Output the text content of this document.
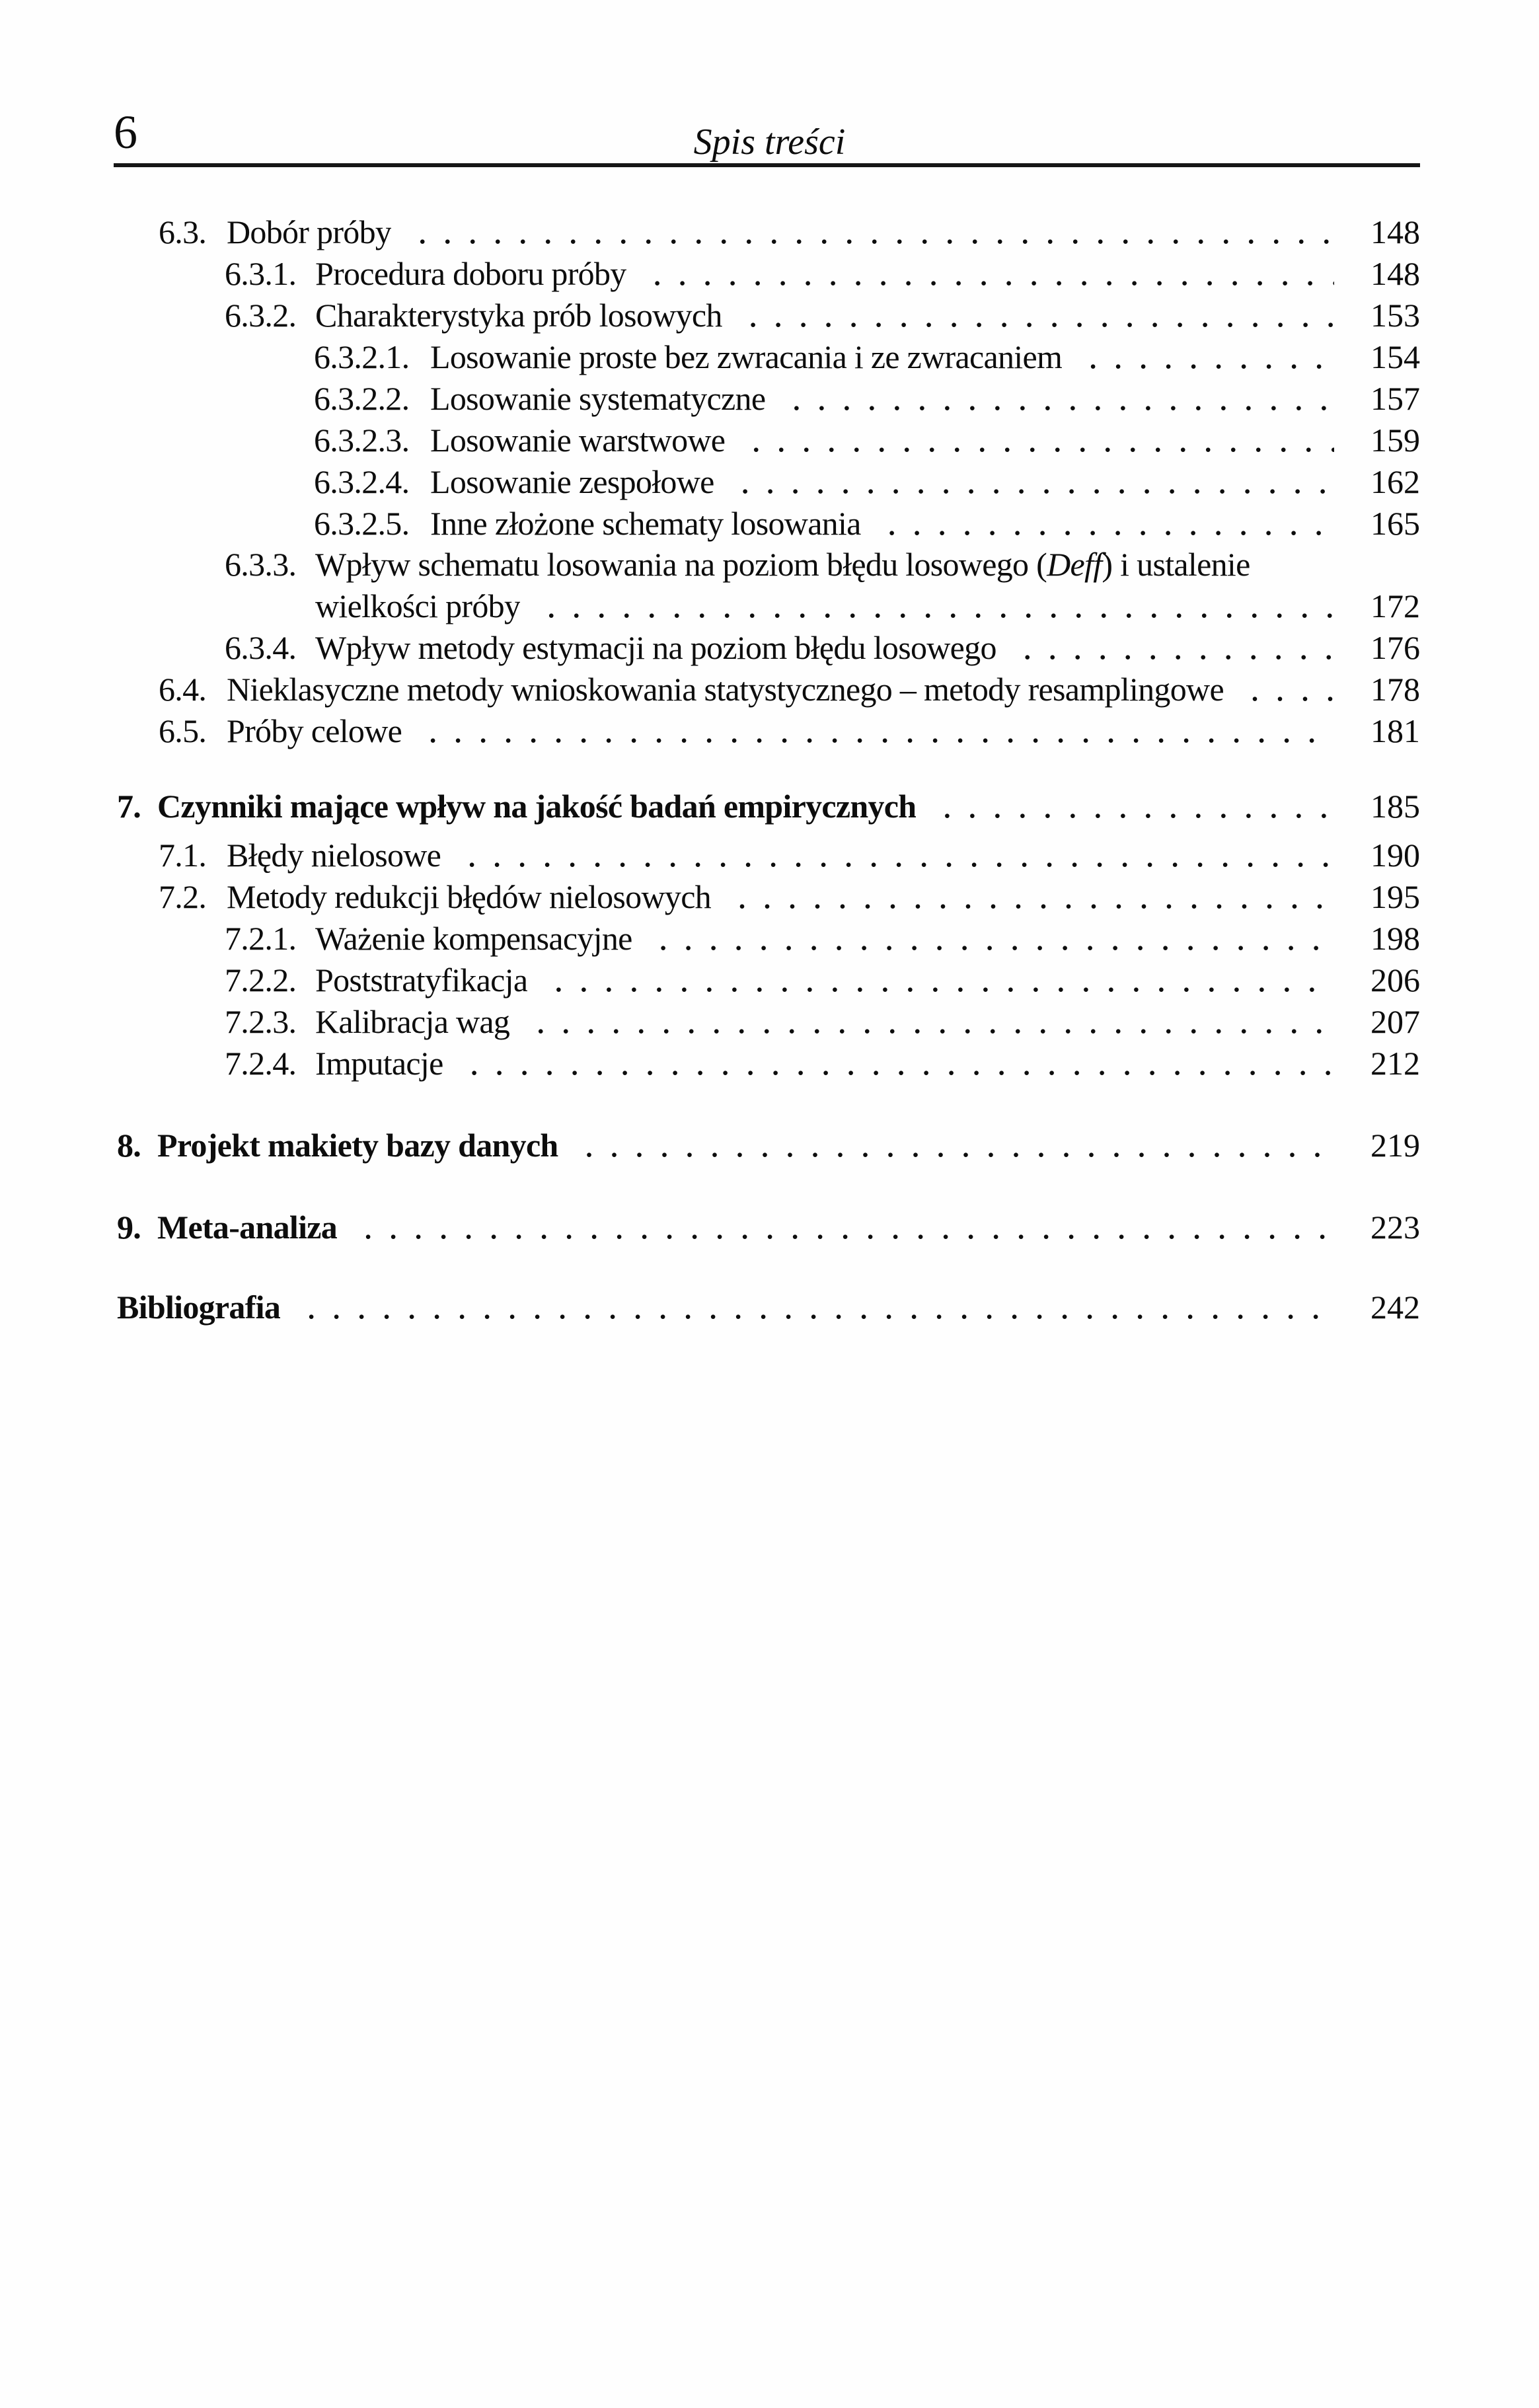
6	Spis treści
6.3. Dobór próby .....	148
6.3.1. Procedura doboru próby .....	148
6.3.2. Charakterystyka prób losowych .....	153
6.3.2.1. Losowanie proste bez zwracania i ze zwracaniem .....	154
6.3.2.2. Losowanie systematyczne .....	157
6.3.2.3. Losowanie warstwowe .....	159
6.3.2.4. Losowanie zespołowe .....	162
6.3.2.5. Inne złożone schematy losowania .....	165
6.3.3. Wpływ schematu losowania na poziom błędu losowego (Deff) i ustalenie
wielkości próby .....	172
6.3.4. Wpływ metody estymacji na poziom błędu losowego .....	176
6.4. Nieklasyczne metody wnioskowania statystycznego – metody resamplingowe .....	178
6.5. Próby celowe .....	181
7. Czynniki mające wpływ na jakość badań empirycznych .....	185
7.1. Błędy nielosowe .....	190
7.2. Metody redukcji błędów nielosowych .....	195
7.2.1. Ważenie kompensacyjne .....	198
7.2.2. Poststratyfikacja .....	206
7.2.3. Kalibracja wag .....	207
7.2.4. Imputacje .....	212
8. Projekt makiety bazy danych .....	219
9. Meta-analiza .....	223
Bibliografia .....	242
